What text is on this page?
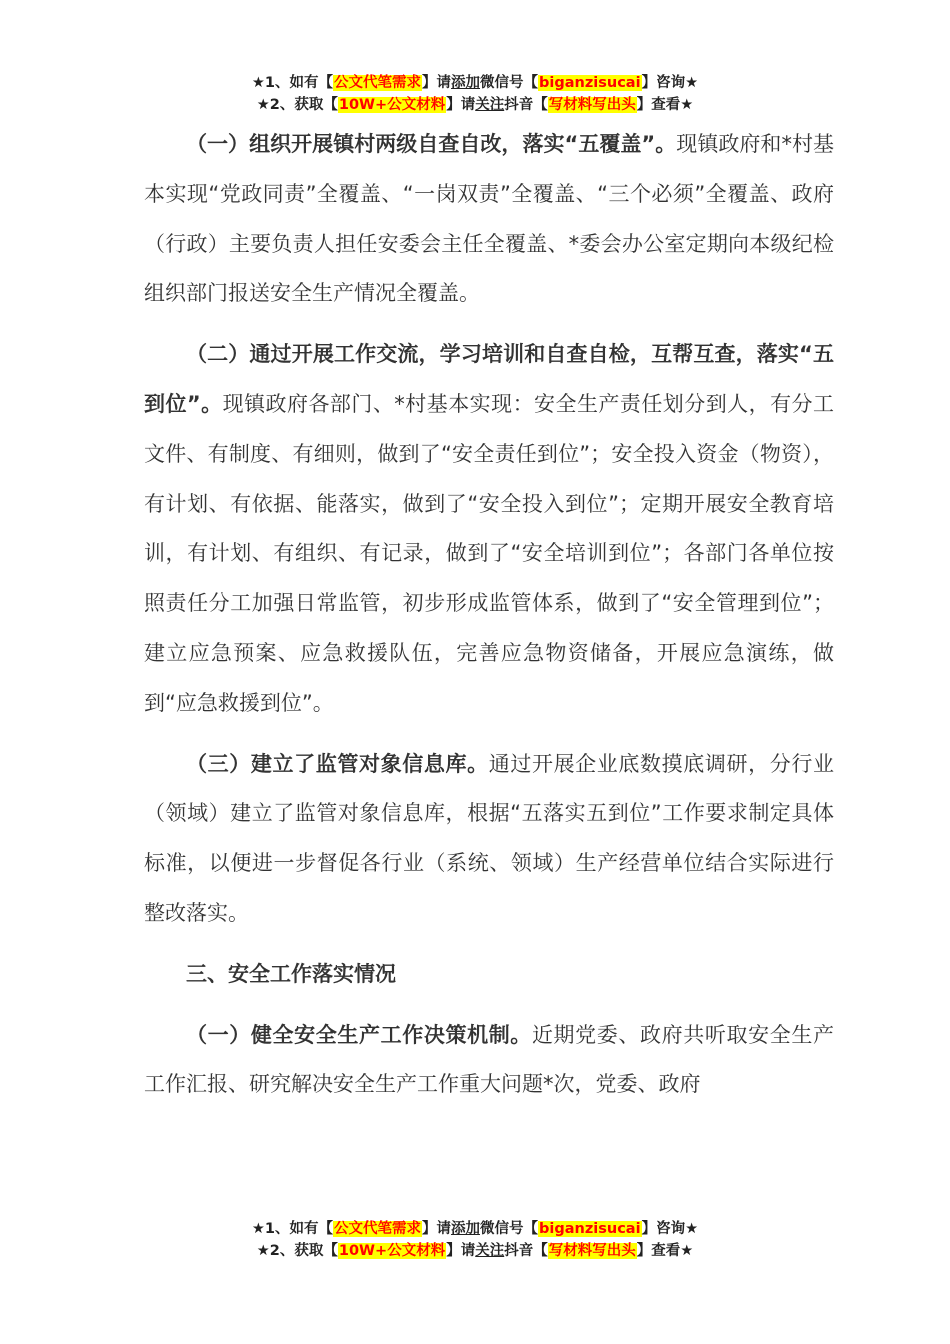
★1、如有【公文代笔需求】请添加微信号【biganzisucai】咨询★
★2、获取【10W+公文材料】请关注抖音【写材料写出头】查看★

（一）组织开展镇村两级自查自改，落实“五覆盖”。现镇政府和*村基本实现“党政同责”全覆盖、“一岗双责”全覆盖、“三个必须”全覆盖、政府（行政）主要负责人担任安委会主任全覆盖、*委会办公室定期向本级纪检组织部门报送安全生产情况全覆盖。

（二）通过开展工作交流，学习培训和自查自检，互帮互查，落实“五到位”。现镇政府各部门、*村基本实现：安全生产责任划分到人，有分工文件、有制度、有细则，做到了“安全责任到位”；安全投入资金（物资），有计划、有依据、能落实，做到了“安全投入到位”；定期开展安全教育培训，有计划、有组织、有记录，做到了“安全培训到位”；各部门各单位按照责任分工加强日常监管，初步形成监管体系，做到了“安全管理到位”；建立应急预案、应急救援队伍，完善应急物资储备，开展应急演练，做到“应急救援到位”。

（三）建立了监管对象信息库。通过开展企业底数摸底调研，分行业（领域）建立了监管对象信息库，根据“五落实五到位”工作要求制定具体标准，以便进一步督促各行业（系统、领域）生产经营单位结合实际进行整改落实。

三、安全工作落实情况

（一）健全安全生产工作决策机制。近期党委、政府共听取安全生产工作汇报、研究解决安全生产工作重大问题*次，党委、政府

★1、如有【公文代笔需求】请添加微信号【biganzisucai】咨询★
★2、获取【10W+公文材料】请关注抖音【写材料写出头】查看★
